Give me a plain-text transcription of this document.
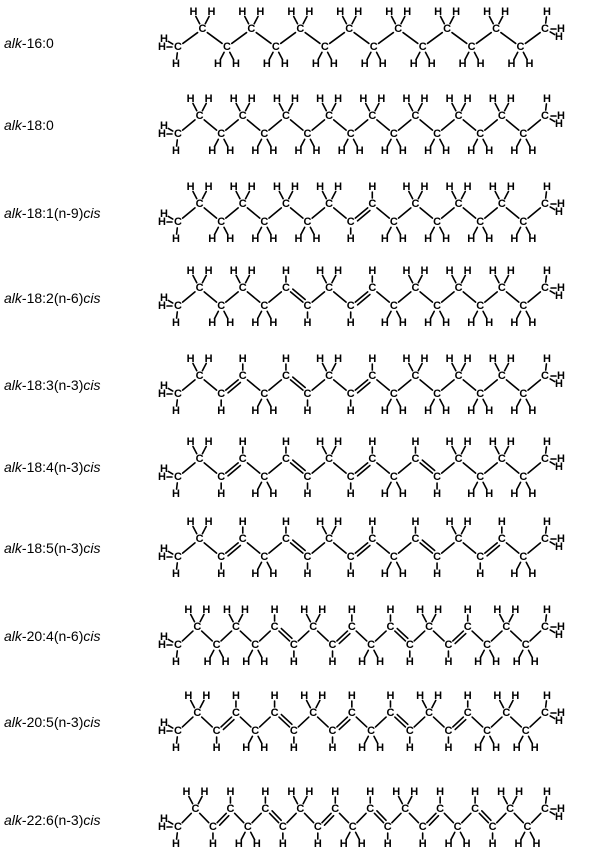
alk-16:0	H
H
H
C
H H
C
H H
C
H H
C
H H
C
H H
C
H H
C
H H
C
H H
C
H H
C
H H
C
H H
C
H H
C
H H
C
H H
C
H
H
H
C
alk-18:0
H
H
H
C
H H
C
H H
C
H H
C
H H
C
H H
C
H H
C
H H
C
H H
C
H H
C
H H
C
H H
C
H H
C
H H
C
H H
C
H H
C
H H
C
H
H
H
C
alk-18:1(n-9)cis
H
H
H
C
H H
C
H H
C
H H
C
H H
C
H H
C
H H
C
H H
C
H
C
H
C
H H
C
H H
C
H H
C
H H
C
H H
C
H H
C
H H
C
H
H
H
C
alk-18:2(n-6)cis	H
H
H
C
H H
C
H H
C
H H
C
H H
C
H
C
H
C
H H
C
H
C
H
C
H H
C
H H
C
H H
C
H H
C
H H
C
H H
C
H H
C
H
H
H
C
alk-18:3(n-3)cis
H
H
H
C
H H
C
H
C
H
C
H H
C
H
C
H
C
H H
C
H
C
H
C
H H
C
H H
C
H H
C
H H
C
H H
C
H H
C
H H
C
H
H
H
C
alk-18:4(n-3)cis
H
H
H
C
H H
C
H
C
H
C
H H
C
H
C
H
C
H H
C
H
C
H
C
H H
C
H
C
H
C
H H
C
H H
C
H H
C
H H
C
H
H
H
C
alk-18:5(n-3)cis
H
H
H
C
H H
C
H
C
H
C
H H
C
H
C
H
C
H H
C
H
C
H
C
H H
C
H
C
H
C
H H
C
H
C
H
C
H H
C
H
H
H
C
alk-20:4(n-6)cis
H
H
H
C
H H
C
H H
C
H H
C
H H
C
H
C
H
C
H H
C
H
C
H
C
H H
C
H
C
H
C
H H
C
H
C
H
C
H H
C
H H
C
H H
C
H
H
H
C
alk-20:5(n-3)cis
H
H
H
C
H H
C
H
C
H
C
H H
C
H
C
H
C
H H
C
H
C
H
C
H H
C
H
C
H
C
H H
C
H
C
H
C
H H
C
H H
C
H H
C
H
H
H
C
alk-22:6(n-3)cis	H
H
H
C
H H
C
H
C
H
C
H H
C
H
C
H
C
H H
C
H
C
H
C
H H
C
H
C
H
C
H H
C
H
C
H
C
H H
C
H
C
H
C
H H
C
H H
C
H
H
H
C
